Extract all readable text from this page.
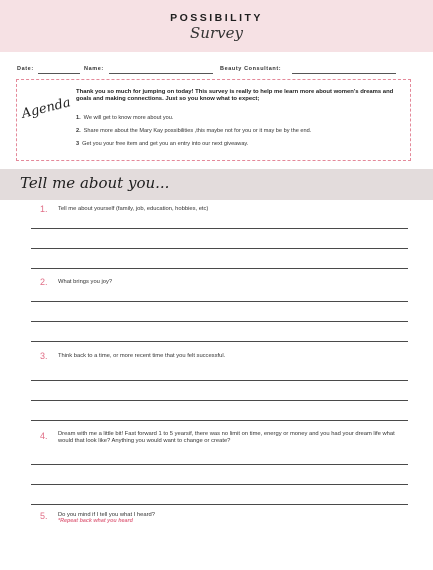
POSSIBILITY
Survey
Date:	Name:	Beauty Consultant:
Agenda
Thank you so much for jumping on today! This survey is really to help me learn more about women's dreams and goals and making connections. Just so you know what to expect;
1. We will get to know more about you.
2. Share more about the Mary Kay possibilities ,this maybe not for you or it may be by the end.
3 Get you your free item and get you an entry into our next giveaway.
Tell me about you...
1. Tell me about yourself (family, job, education, hobbies, etc)
2. What brings you joy?
3. Think back to a time, or more recent time that you felt successful.
4. Dream with me a little bit! Fast forward 1 to 5 yearsif, there was no limit on time, energy or money and you had your dream life what would that look like? Anything you would want to change or create?
5. Do you mind if I tell you what I heard?
*Repeat back what you heard
